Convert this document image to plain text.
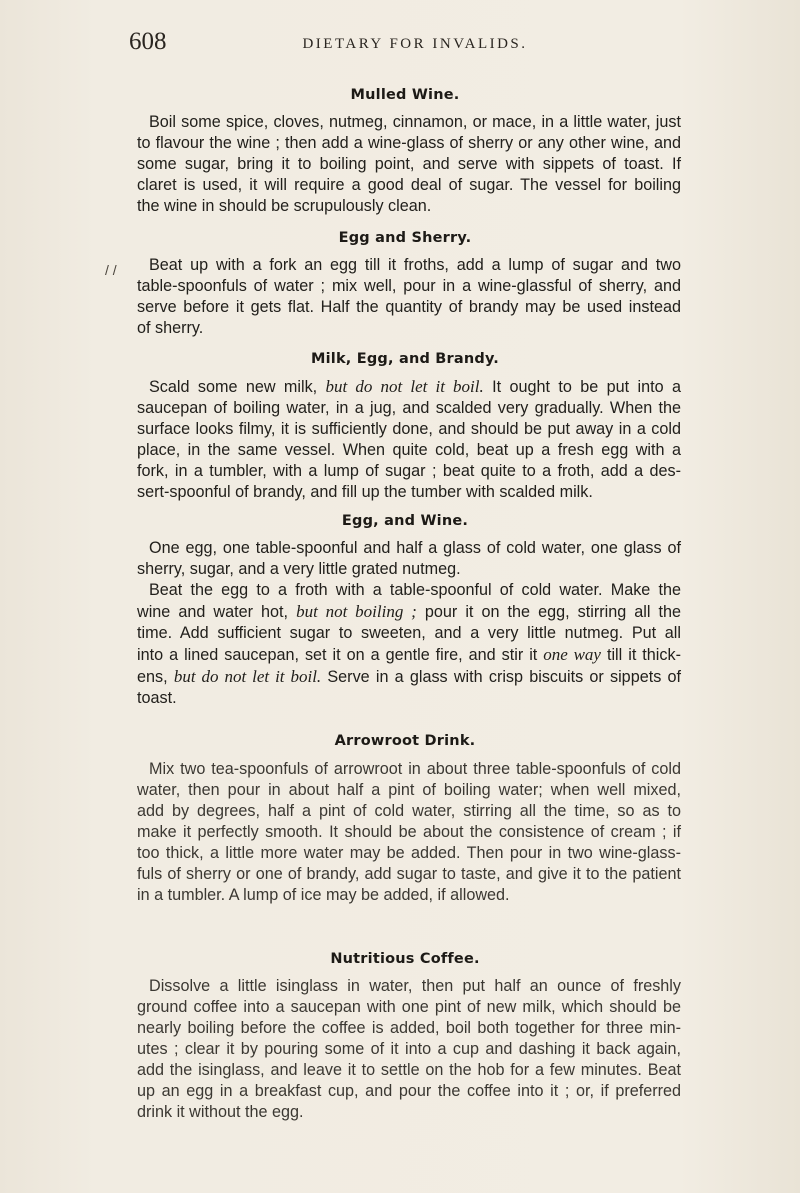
608	DIETARY FOR INVALIDS.
Mulled Wine.
Boil some spice, cloves, nutmeg, cinnamon, or mace, in a little water, just
to flavour the wine ; then add a wine-glass of sherry or any other wine, and
some sugar, bring it to boiling point, and serve with sippets of toast. If
claret is used, it will require a good deal of sugar. The vessel for boiling
the wine in should be scrupulously clean.
Egg and Sherry.
/ /	Beat up with a fork an egg till it froths, add a lump of sugar and two
table-spoonfuls of water ; mix well, pour in a wine-glassful of sherry, and
serve before it gets flat. Half the quantity of brandy may be used instead
of sherry.
Milk, Egg, and Brandy.
Scald some new milk, but do not let it boil. It ought to be put into a
saucepan of boiling water, in a jug, and scalded very gradually. When the
surface looks filmy, it is sufficiently done, and should be put away in a cold
place, in the same vessel. When quite cold, beat up a fresh egg with a
fork, in a tumbler, with a lump of sugar ; beat quite to a froth, add a des-
sert-spoonful of brandy, and fill up the tumber with scalded milk.
Egg, and Wine.
One egg, one table-spoonful and half a glass of cold water, one glass of
sherry, sugar, and a very little grated nutmeg.
Beat the egg to a froth with a table-spoonful of cold water. Make the
wine and water hot, but not boiling ; pour it on the egg, stirring all the
time. Add sufficient sugar to sweeten, and a very little nutmeg. Put all
into a lined saucepan, set it on a gentle fire, and stir it one way till it thick-
ens, but do not let it boil. Serve in a glass with crisp biscuits or sippets of
toast.
Arrowroot Drink.
Mix two tea-spoonfuls of arrowroot in about three table-spoonfuls of cold
water, then pour in about half a pint of boiling water; when well mixed,
add by degrees, half a pint of cold water, stirring all the time, so as to
make it perfectly smooth. It should be about the consistence of cream ; if
too thick, a little more water may be added. Then pour in two wine-glass-
fuls of sherry or one of brandy, add sugar to taste, and give it to the patient
in a tumbler. A lump of ice may be added, if allowed.
Nutritious Coffee.
Dissolve a little isinglass in water, then put half an ounce of freshly
ground coffee into a saucepan with one pint of new milk, which should be
nearly boiling before the coffee is added, boil both together for three min-
utes ; clear it by pouring some of it into a cup and dashing it back again,
add the isinglass, and leave it to settle on the hob for a few minutes. Beat
up an egg in a breakfast cup, and pour the coffee into it ; or, if preferred
drink it without the egg.
